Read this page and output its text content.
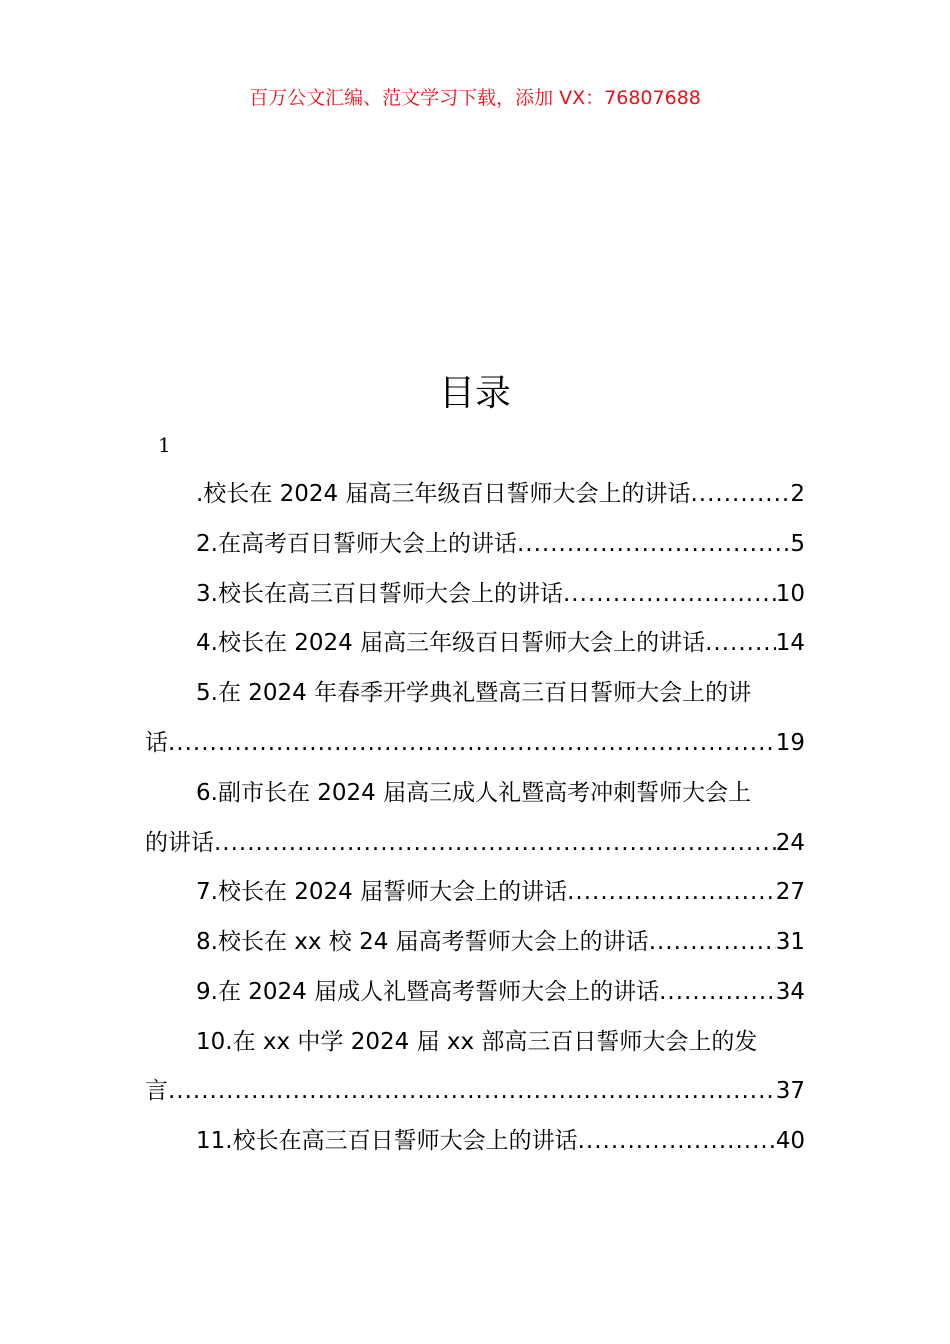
百万公文汇编、范文学习下载，添加 VX：76807688
目录
1
.校长在 2024 届高三年级百日誓师大会上的讲话 .....	2
2.在高考百日誓师大会上的讲话 .....	5
3.校长在高三百日誓师大会上的讲话 .....	10
4.校长在 2024 届高三年级百日誓师大会上的讲话 .....	14
5.在 2024 年春季开学典礼暨高三百日誓师大会上的讲
话 .....	19
6.副市长在 2024 届高三成人礼暨高考冲刺誓师大会上
的讲话 .....	24
7.校长在 2024 届誓师大会上的讲话 .....	27
8.校长在 xx 校 24 届高考誓师大会上的讲话 .....	31
9.在 2024 届成人礼暨高考誓师大会上的讲话 .....	34
10.在 xx 中学 2024 届 xx 部高三百日誓师大会上的发
言 .....	37
11.校长在高三百日誓师大会上的讲话 .....	40
